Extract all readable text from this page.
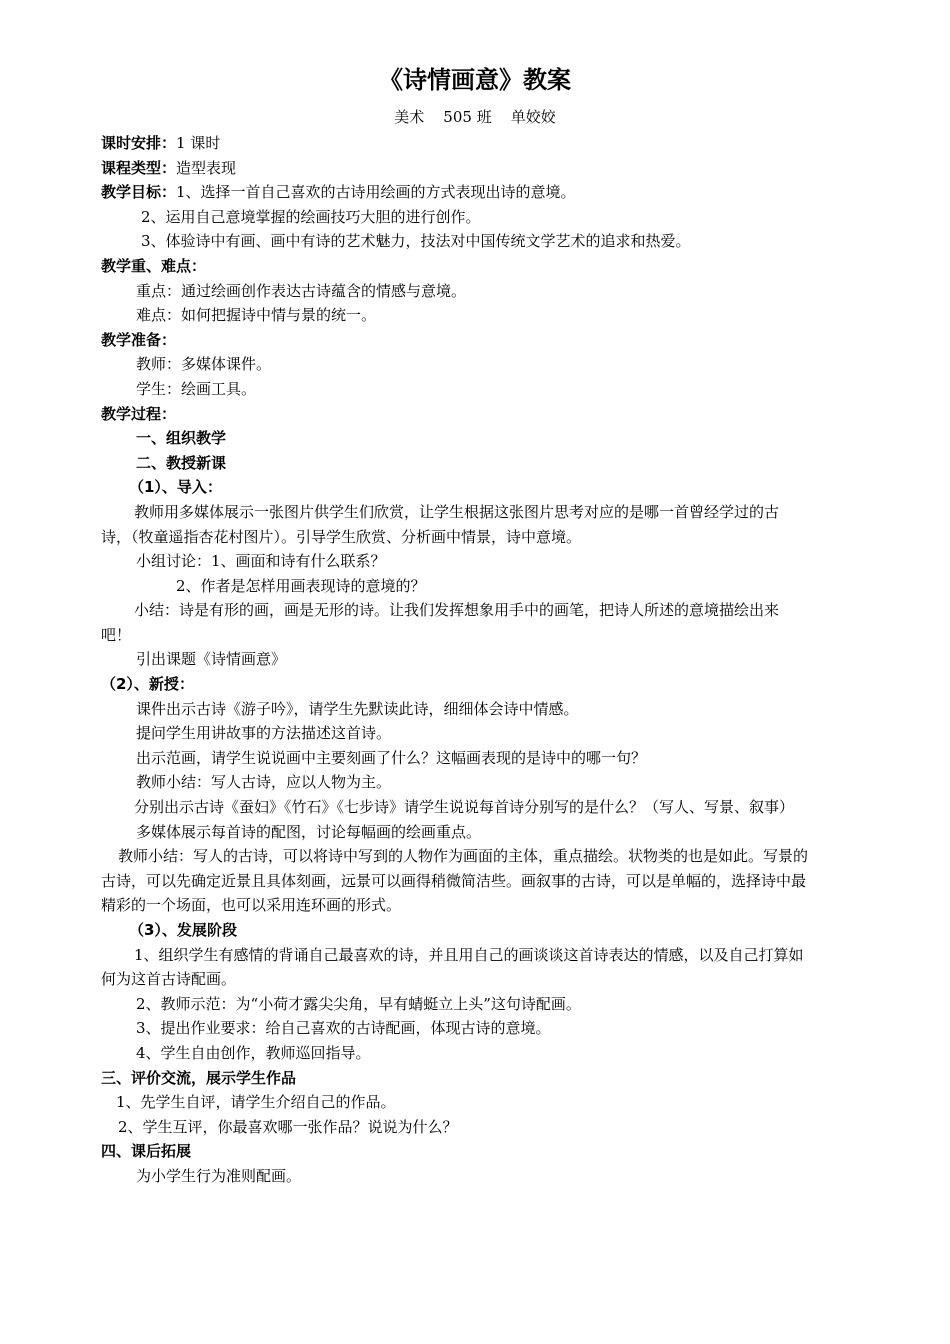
《诗情画意》教案

美术    505 班    单姣姣

课时安排：1 课时

课程类型：造型表现

教学目标：1、选择一首自己喜欢的古诗用绘画的方式表现出诗的意境。

2、运用自己意境掌握的绘画技巧大胆的进行创作。

3、体验诗中有画、画中有诗的艺术魅力，技法对中国传统文学艺术的追求和热爱。

教学重、难点：

重点：通过绘画创作表达古诗蕴含的情感与意境。

难点：如何把握诗中情与景的统一。

教学准备：

教师：多媒体课件。

学生：绘画工具。

教学过程：

一、组织教学

二、教授新课

（1）、导入：

教师用多媒体展示一张图片供学生们欣赏，让学生根据这张图片思考对应的是哪一首曾经学过的古诗，（牧童遥指杏花村图片）。引导学生欣赏、分析画中情景，诗中意境。

小组讨论：1、画面和诗有什么联系？

2、作者是怎样用画表现诗的意境的？

小结：诗是有形的画，画是无形的诗。让我们发挥想象用手中的画笔，把诗人所述的意境描绘出来吧！

引出课题《诗情画意》

（2）、新授：

课件出示古诗《游子吟》，请学生先默读此诗，细细体会诗中情感。

提问学生用讲故事的方法描述这首诗。

出示范画，请学生说说画中主要刻画了什么？这幅画表现的是诗中的哪一句？

教师小结：写人古诗，应以人物为主。

分别出示古诗《蚕妇》《竹石》《七步诗》请学生说说每首诗分别写的是什么？（写人、写景、叙事）

多媒体展示每首诗的配图，讨论每幅画的绘画重点。

教师小结：写人的古诗，可以将诗中写到的人物作为画面的主体，重点描绘。状物类的也是如此。写景的古诗，可以先确定近景且具体刻画，远景可以画得稍微简洁些。画叙事的古诗，可以是单幅的，选择诗中最精彩的一个场面，也可以采用连环画的形式。

（3）、发展阶段

1、组织学生有感情的背诵自己最喜欢的诗，并且用自己的画谈谈这首诗表达的情感，以及自己打算如何为这首古诗配画。

2、教师示范：为“小荷才露尖尖角，早有蜻蜓立上头”这句诗配画。

3、提出作业要求：给自己喜欢的古诗配画，体现古诗的意境。

4、学生自由创作，教师巡回指导。

三、评价交流，展示学生作品

1、先学生自评，请学生介绍自己的作品。

2、学生互评，你最喜欢哪一张作品？说说为什么？

四、课后拓展

为小学生行为准则配画。
